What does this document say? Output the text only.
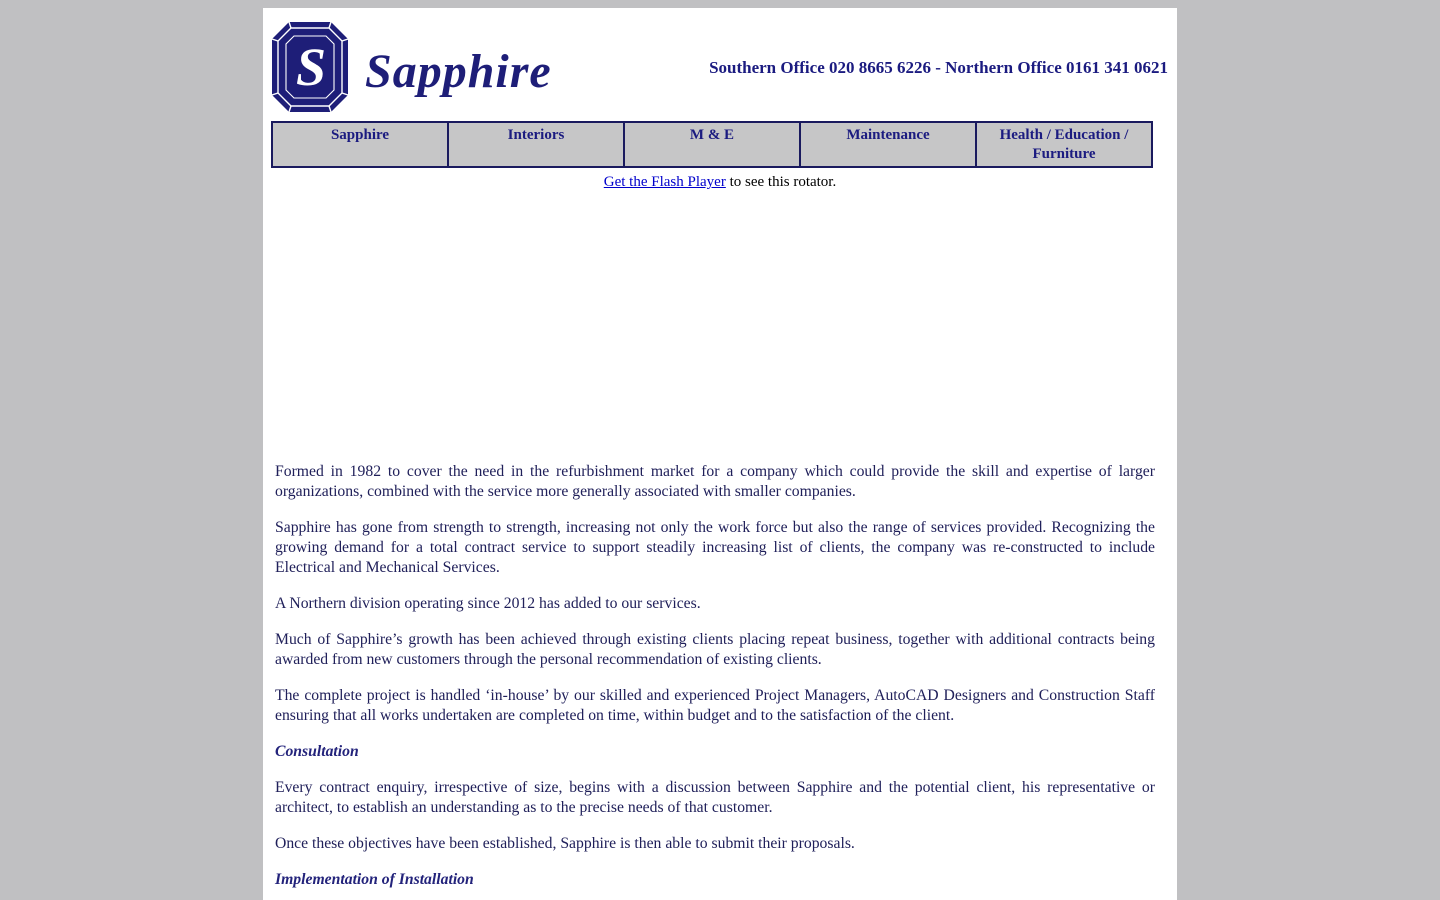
S Sapphire	Southern Office 020 8665 6226 - Northern Office 0161 341 0621
Sapphire	Interiors	M & E	Maintenance	Health / Education / Furniture
Get the Flash Player to see this rotator.

Formed in 1982 to cover the need in the refurbishment market for a company which could provide the skill and expertise of larger organizations, combined with the service more generally associated with smaller companies.

Sapphire has gone from strength to strength, increasing not only the work force but also the range of services provided. Recognizing the growing demand for a total contract service to support steadily increasing list of clients, the company was re-constructed to include Electrical and Mechanical Services.

A Northern division operating since 2012 has added to our services.

Much of Sapphire’s growth has been achieved through existing clients placing repeat business, together with additional contracts being awarded from new customers through the personal recommendation of existing clients.

The complete project is handled ‘in-house’ by our skilled and experienced Project Managers, AutoCAD Designers and Construction Staff ensuring that all works undertaken are completed on time, within budget and to the satisfaction of the client.

Consultation

Every contract enquiry, irrespective of size, begins with a discussion between Sapphire and the potential client, his representative or architect, to establish an understanding as to the precise needs of that customer.

Once these objectives have been established, Sapphire is then able to submit their proposals.

Implementation of Installation
